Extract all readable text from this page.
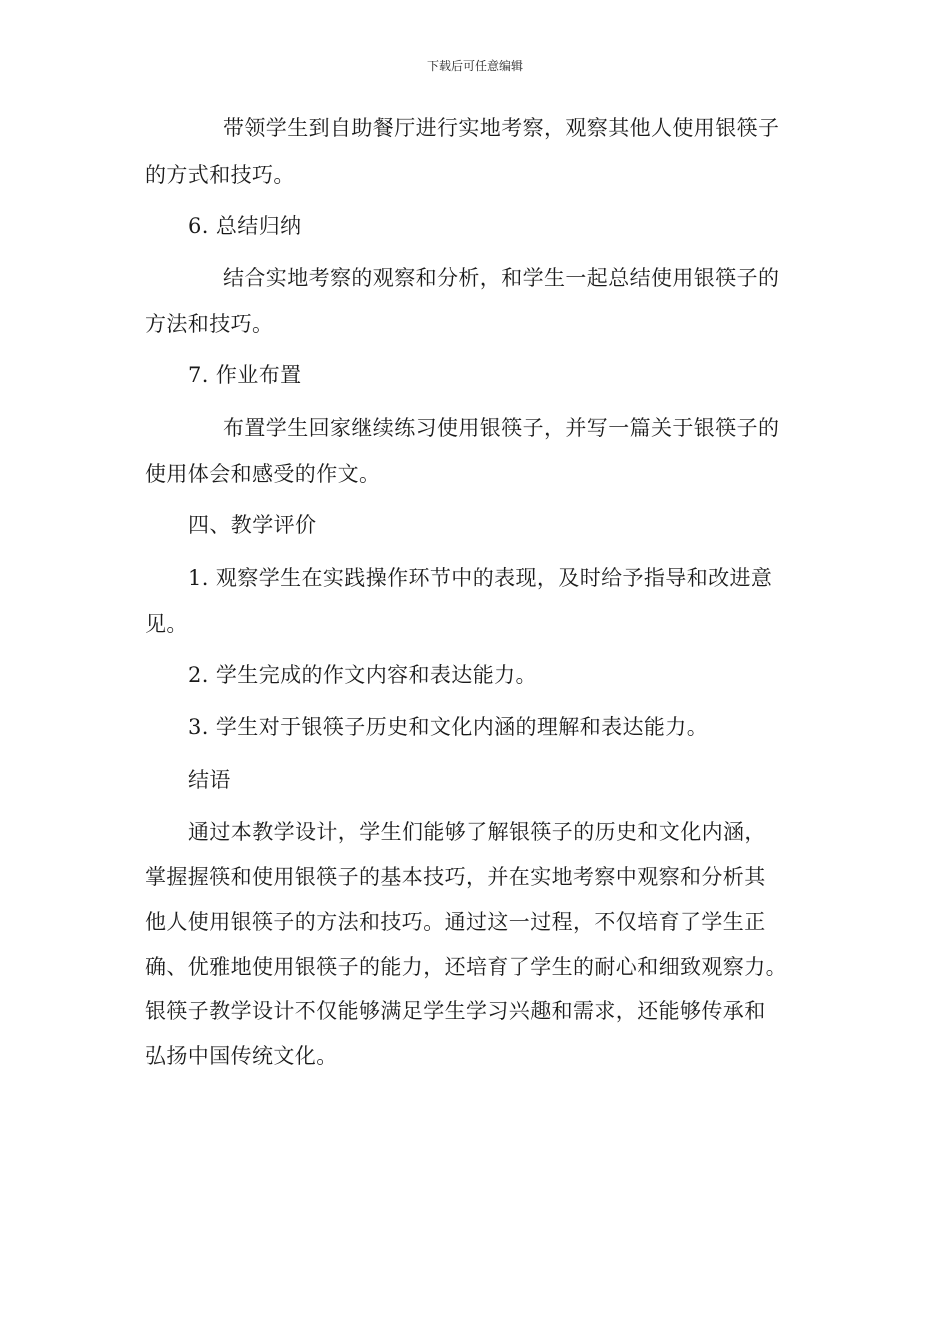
下载后可任意编辑
带领学生到自助餐厅进行实地考察，观察其他人使用银筷子
的方式和技巧。
6. 总结归纳
结合实地考察的观察和分析，和学生一起总结使用银筷子的
方法和技巧。
7. 作业布置
布置学生回家继续练习使用银筷子，并写一篇关于银筷子的
使用体会和感受的作文。
四、教学评价
1. 观察学生在实践操作环节中的表现，及时给予指导和改进意
见。
2. 学生完成的作文内容和表达能力。
3. 学生对于银筷子历史和文化内涵的理解和表达能力。
结语
通过本教学设计，学生们能够了解银筷子的历史和文化内涵，
掌握握筷和使用银筷子的基本技巧，并在实地考察中观察和分析其
他人使用银筷子的方法和技巧。通过这一过程，不仅培育了学生正
确、优雅地使用银筷子的能力，还培育了学生的耐心和细致观察力。
银筷子教学设计不仅能够满足学生学习兴趣和需求，还能够传承和
弘扬中国传统文化。
